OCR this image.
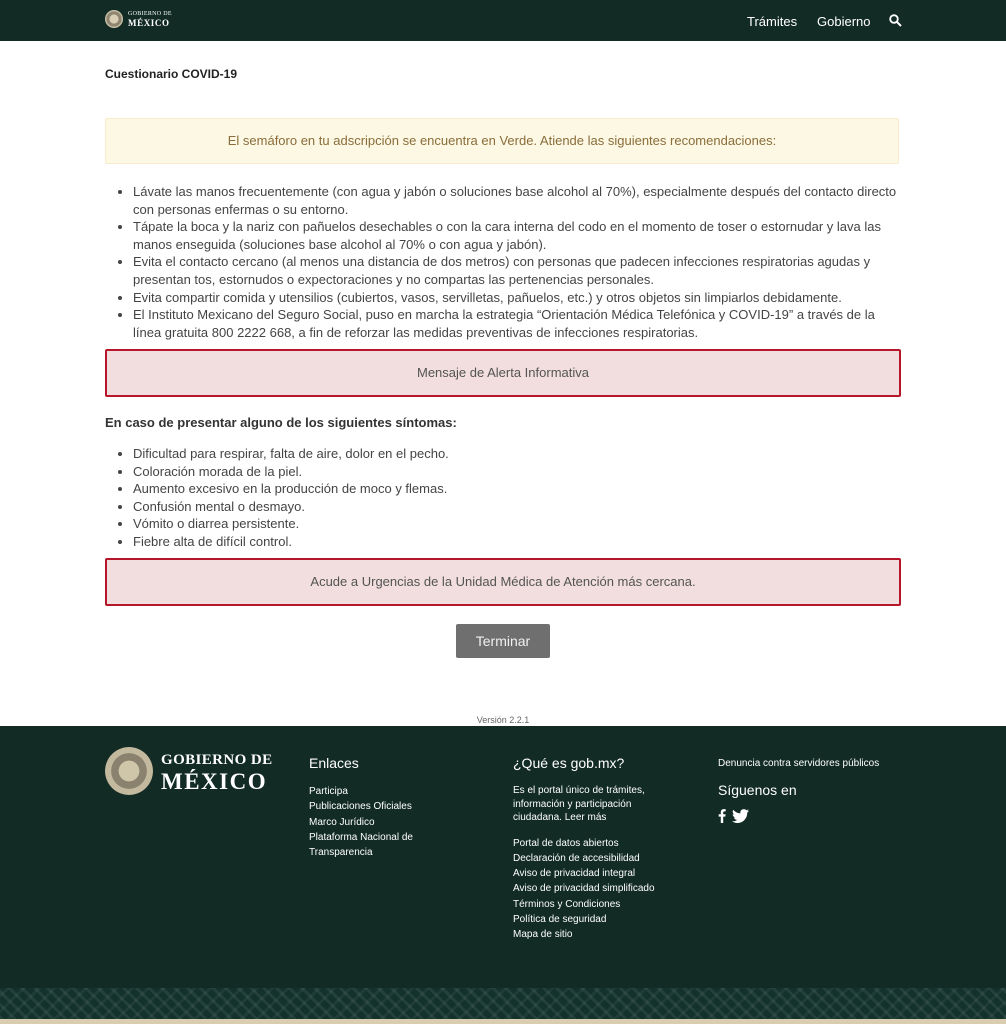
GOBIERNO DE
MÉXICO	Trámites Gobierno
Cuestionario COVID-19
El semáforo en tu adscripción se encuentra en Verde. Atiende las siguientes recomendaciones:
• Lávate las manos frecuentemente (con agua y jabón o soluciones base alcohol al 70%), especialmente después del contacto directo con personas enfermas o su entorno.
• Tápate la boca y la nariz con pañuelos desechables o con la cara interna del codo en el momento de toser o estornudar y lava las manos enseguida (soluciones base alcohol al 70% o con agua y jabón).
• Evita el contacto cercano (al menos una distancia de dos metros) con personas que padecen infecciones respiratorias agudas y presentan tos, estornudos o expectoraciones y no compartas las pertenencias personales.
• Evita compartir comida y utensilios (cubiertos, vasos, servilletas, pañuelos, etc.) y otros objetos sin limpiarlos debidamente.
• El Instituto Mexicano del Seguro Social, puso en marcha la estrategia “Orientación Médica Telefónica y COVID-19” a través de la línea gratuita 800 2222 668, a fin de reforzar las medidas preventivas de infecciones respiratorias.
Mensaje de Alerta Informativa
En caso de presentar alguno de los siguientes síntomas:
• Dificultad para respirar, falta de aire, dolor en el pecho.
• Coloración morada de la piel.
• Aumento excesivo en la producción de moco y flemas.
• Confusión mental o desmayo.
• Vómito o diarrea persistente.
• Fiebre alta de difícil control.
Acude a Urgencias de la Unidad Médica de Atención más cercana.
Terminar
Versión 2.2.1
GOBIERNO DE
MÉXICO
Enlaces
Participa
Publicaciones Oficiales
Marco Jurídico
Plataforma Nacional de Transparencia
¿Qué es gob.mx?
Es el portal único de trámites, información y participación ciudadana. Leer más
Portal de datos abiertos
Declaración de accesibilidad
Aviso de privacidad integral
Aviso de privacidad simplificado
Términos y Condiciones
Política de seguridad
Mapa de sitio
Denuncia contra servidores públicos
Síguenos en
